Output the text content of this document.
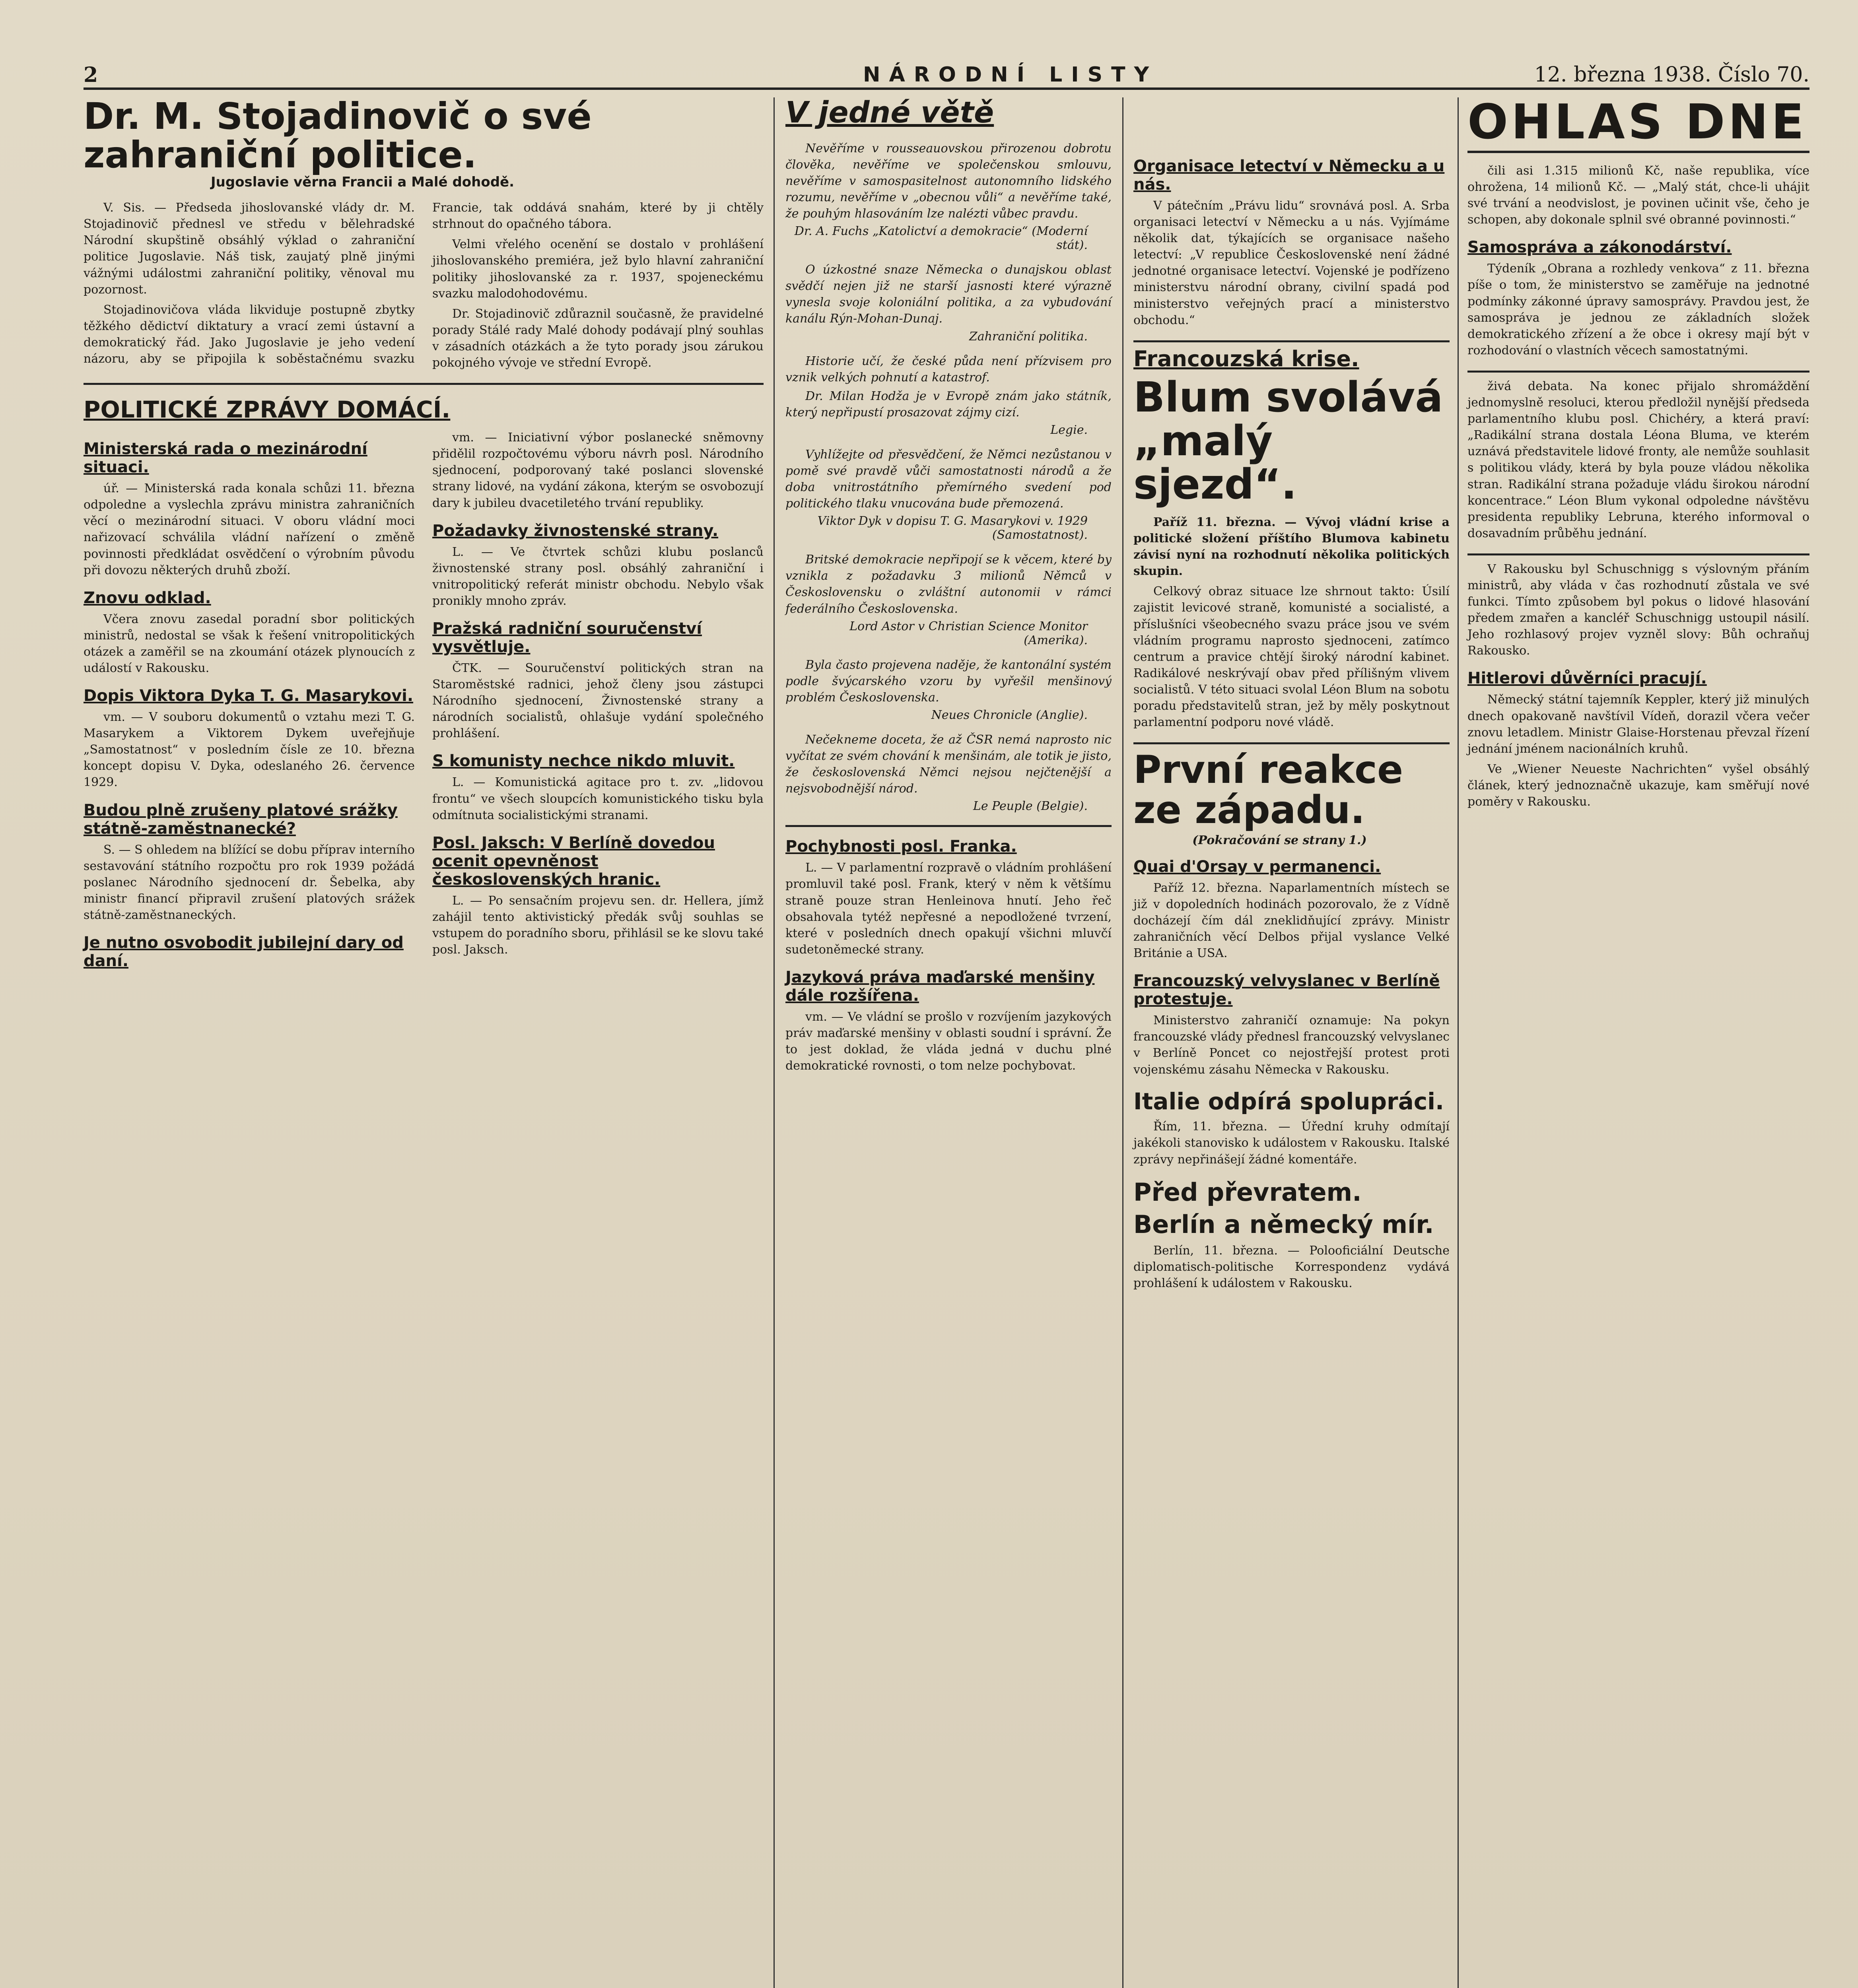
2	NÁRODNÍ LISTY	12. března 1938. Číslo 70.
Dr. M. Stojadinovič o své zahraniční politice.
Jugoslavie věrna Francii a Malé dohodě.

V. Sis. — Předseda jihoslovanské vlády dr. M. Stojadinovič přednesl ve středu v bělehradské Národní skupštině obsáhlý výklad o zahraniční politice Jugoslavie. Náš tisk, zaujatý plně jinými vážnými událostmi zahraniční politiky, věnoval mu pozornost.

Stojadinovičova vláda likviduje postupně zbytky těžkého dědictví diktatury a vrací zemi ústavní a demokratický řád. Jako Jugoslavie je jeho vedení názoru, aby se připojila k soběstačnému svazku Francie, tak oddává snahám, které by ji chtěly strhnout do opačného tábora.

Velmi vřelého ocenění se dostalo v prohlášení jihoslovanského premiéra, jež bylo hlavní zahraniční politiky jihoslovanské za r. 1937, spojeneckému svazku malodohodovému.

Dr. Stojadinovič zdůraznil současně, že pravidelné porady Stálé rady Malé dohody podávají plný souhlas v zásadních otázkách a že tyto porady jsou zárukou pokojného vývoje ve střední Evropě.

POLITICKÉ ZPRÁVY DOMÁCÍ.
Ministerská rada o mezinárodní situaci.

úř. — Ministerská rada konala schůzi 11. března odpoledne a vyslechla zprávu ministra zahraničních věcí o mezinárodní situaci. V oboru vládní moci nařizovací schválila vládní nařízení o změně povinnosti předkládat osvědčení o výrobním původu při dovozu některých druhů zboží.

Znovu odklad.

Včera znovu zasedal poradní sbor politických ministrů, nedostal se však k řešení vnitropolitických otázek a zaměřil se na zkoumání otázek plynoucích z událostí v Rakousku.

Dopis Viktora Dyka T. G. Masarykovi.

vm. — V souboru dokumentů o vztahu mezi T. G. Masarykem a Viktorem Dykem uveřejňuje „Samostatnost“ v posledním čísle ze 10. března koncept dopisu V. Dyka, odeslaného 26. července 1929.

Budou plně zrušeny platové srážky státně-zaměstnanecké?

S. — S ohledem na blížící se dobu příprav interního sestavování státního rozpočtu pro rok 1939 požádá poslanec Národního sjednocení dr. Šebelka, aby ministr financí připravil zrušení platových srážek státně-zaměstnaneckých.

Je nutno osvobodit jubilejní dary od daní.

vm. — Iniciativní výbor poslanecké sněmovny přidělil rozpočtovému výboru návrh posl. Národního sjednocení, podporovaný také poslanci slovenské strany lidové, na vydání zákona, kterým se osvobozují dary k jubileu dvacetiletého trvání republiky.

Požadavky živnostenské strany.

L. — Ve čtvrtek schůzi klubu poslanců živnostenské strany posl. obsáhlý zahraniční i vnitropolitický referát ministr obchodu. Nebylo však pronikly mnoho zpráv.

Pražská radniční souručenství vysvětluje.

ČTK. — Souručenství politických stran na Staroměstské radnici, jehož členy jsou zástupci Národního sjednocení, Živnostenské strany a národních socialistů, ohlašuje vydání společného prohlášení.

S komunisty nechce nikdo mluvit.

L. — Komunistická agitace pro t. zv. „lidovou frontu“ ve všech sloupcích komunistického tisku byla odmítnuta socialistickými stranami.

Posl. Jaksch: V Berlíně dovedou ocenit opevněnost československých hranic.

L. — Po sensačním projevu sen. dr. Hellera, jímž zahájil tento aktivistický předák svůj souhlas se vstupem do poradního sboru, přihlásil se ke slovu také posl. Jaksch.

V jedné větě

Nevěříme v rousseauovskou přirozenou dobrotu člověka, nevěříme ve společenskou smlouvu, nevěříme v samospasitelnost autonomního lidského rozumu, nevěříme v „obecnou vůli“ a nevěříme také, že pouhým hlasováním lze nalézti vůbec pravdu.

Dr. A. Fuchs „Katolictví a demokracie“ (Moderní stát).

O úzkostné snaze Německa o dunajskou oblast svědčí nejen již ne starší jasnosti které výrazně vynesla svoje koloniální politika, a za vybudování kanálu Rýn-Mohan-Dunaj.

Zahraniční politika.

Historie učí, že české půda není přízvisem pro vznik velkých pohnutí a katastrof.

Dr. Milan Hodža je v Evropě znám jako státník, který nepřipustí prosazovat zájmy cizí.

Legie.

Vyhlížejte od přesvědčení, že Němci nezůstanou v pomě své pravdě vůči samostatnosti národů a že doba vnitrostátního přemírného svedení pod politického tlaku vnucována bude přemozená.

Viktor Dyk v dopisu T. G. Masarykovi v. 1929 (Samostatnost).

Britské demokracie nepřipojí se k věcem, které by vznikla z požadavku 3 milionů Němců v Československu o zvláštní autonomii v rámci federálního Československa.

Lord Astor v Christian Science Monitor (Amerika).

Byla často projevena naděje, že kantonální systém podle švýcarského vzoru by vyřešil menšinový problém Československa.

Neues Chronicle (Anglie).

Nečekneme doceta, že až ČSR nemá naprosto nic vyčítat ze svém chování k menšinám, ale totik je jisto, že československá Němci nejsou nejčtenější a nejsvobodnější národ.

Le Peuple (Belgie).

Pochybnosti posl. Franka.

L. — V parlamentní rozpravě o vládním prohlášení promluvil také posl. Frank, který v něm k většímu straně pouze stran Henleinova hnutí. Jeho řeč obsahovala tytéž nepřesné a nepodložené tvrzení, které v posledních dnech opakují všichni mluvčí sudetoněmecké strany.

Jazyková práva maďarské menšiny dále rozšířena.

vm. — Ve vládní se prošlo v rozvíjením jazykových práv maďarské menšiny v oblasti soudní i správní. Že to jest doklad, že vláda jedná v duchu plné demokratické rovnosti, o tom nelze pochybovat.

Organisace letectví v Německu a u nás.

V pátečním „Právu lidu“ srovnává posl. A. Srba organisaci letectví v Německu a u nás. Vyjímáme několik dat, týkajících se organisace našeho letectví: „V republice Československé není žádné jednotné organisace letectví. Vojenské je podřízeno ministerstvu národní obrany, civilní spadá pod ministerstvo veřejných prací a ministerstvo obchodu.“

Francouzská krise.
Blum svolává „malý sjezd“.

Paříž 11. března. — Vývoj vládní krise a politické složení příštího Blumova kabinetu závisí nyní na rozhodnutí několika politických skupin.

Celkový obraz situace lze shrnout takto: Úsilí zajistit levicové straně, komunisté a socialisté, a příslušníci všeobecného svazu práce jsou ve svém vládním programu naprosto sjednoceni, zatímco centrum a pravice chtějí široký národní kabinet. Radikálové neskrývají obav před přílišným vlivem socialistů. V této situaci svolal Léon Blum na sobotu poradu představitelů stran, jež by měly poskytnout parlamentní podporu nové vládě.

První reakce ze západu.

(Pokračování se strany 1.)

Quai d'Orsay v permanenci.

Paříž 12. března. Naparlamentních místech se již v dopoledních hodinách pozorovalo, že z Vídně docházejí čím dál zneklidňující zprávy. Ministr zahraničních věcí Delbos přijal vyslance Velké Británie a USA.

Francouzský velvyslanec v Berlíně protestuje.

Ministerstvo zahraničí oznamuje: Na pokyn francouzské vlády přednesl francouzský velvyslanec v Berlíně Poncet co nejostřejší protest proti vojenskému zásahu Německa v Rakousku.

Italie odpírá spolupráci.

Řím, 11. března. — Úřední kruhy odmítají jakékoli stanovisko k událostem v Rakousku. Italské zprávy nepřinášejí žádné komentáře.

Před převratem.
Berlín a německý mír.

Berlín, 11. března. — Polooficiální Deutsche diplomatisch-politische Korrespondenz vydává prohlášení k událostem v Rakousku.

OHLAS DNE

čili asi 1.315 milionů Kč, naše republika, více ohrožena, 14 milionů Kč. — „Malý stát, chce-li uhájit své trvání a neodvislost, je povinen učinit vše, čeho je schopen, aby dokonale splnil své obranné povinnosti.“

Samospráva a zákonodárství.

Týdeník „Obrana a rozhledy venkova“ z 11. března píše o tom, že ministerstvo se zaměřuje na jednotné podmínky zákonné úpravy samosprávy. Pravdou jest, že samospráva je jednou ze základních složek demokratického zřízení a že obce i okresy mají být v rozhodování o vlastních věcech samostatnými.

živá debata. Na konec přijalo shromáždění jednomyslně resoluci, kterou předložil nynější předseda parlamentního klubu posl. Chichéry, a která praví: „Radikální strana dostala Léona Bluma, ve kterém uznává představitele lidové fronty, ale nemůže souhlasit s politikou vlády, která by byla pouze vládou několika stran. Radikální strana požaduje vládu širokou národní koncentrace.“ Léon Blum vykonal odpoledne návštěvu presidenta republiky Lebruna, kterého informoval o dosavadním průběhu jednání.

V Rakousku byl Schuschnigg s výslovným přáním ministrů, aby vláda v čas rozhodnutí zůstala ve své funkci. Tímto způsobem byl pokus o lidové hlasování předem zmařen a kancléř Schuschnigg ustoupil násilí. Jeho rozhlasový projev vyzněl slovy: Bůh ochraňuj Rakousko.

Hitlerovi důvěrníci pracují.

Německý státní tajemník Keppler, který již minulých dnech opakovaně navštívil Vídeň, dorazil včera večer znovu letadlem. Ministr Glaise-Horstenau převzal řízení jednání jménem nacionálních kruhů.

Ve „Wiener Neueste Nachrichten“ vyšel obsáhlý článek, který jednoznačně ukazuje, kam směřují nové poměry v Rakousku.
